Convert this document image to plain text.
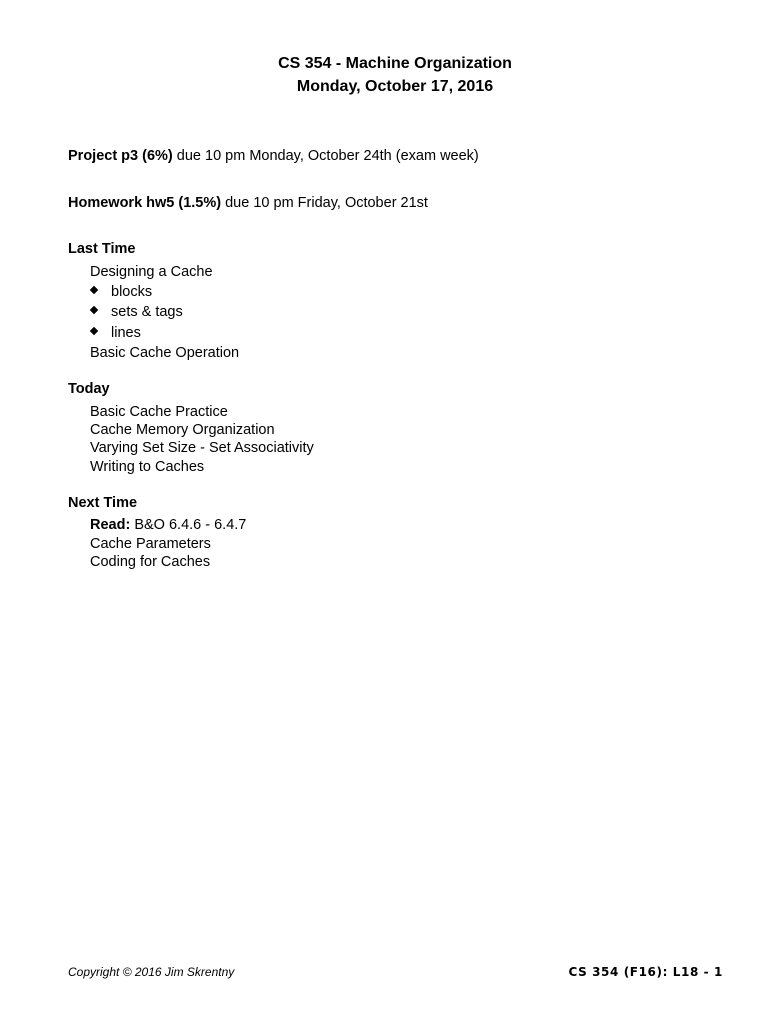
CS 354 - Machine Organization
Monday, October 17, 2016
Project p3 (6%) due 10 pm Monday, October 24th (exam week)
Homework hw5 (1.5%) due 10 pm Friday, October 21st
Last Time
Designing a Cache
blocks
sets & tags
lines
Basic Cache Operation
Today
Basic Cache Practice
Cache Memory Organization
Varying Set Size - Set Associativity
Writing to Caches
Next Time
Read: B&O 6.4.6 - 6.4.7
Cache Parameters
Coding for Caches
Copyright © 2016 Jim Skrentny	CS 354 (F16): L18 - 1
